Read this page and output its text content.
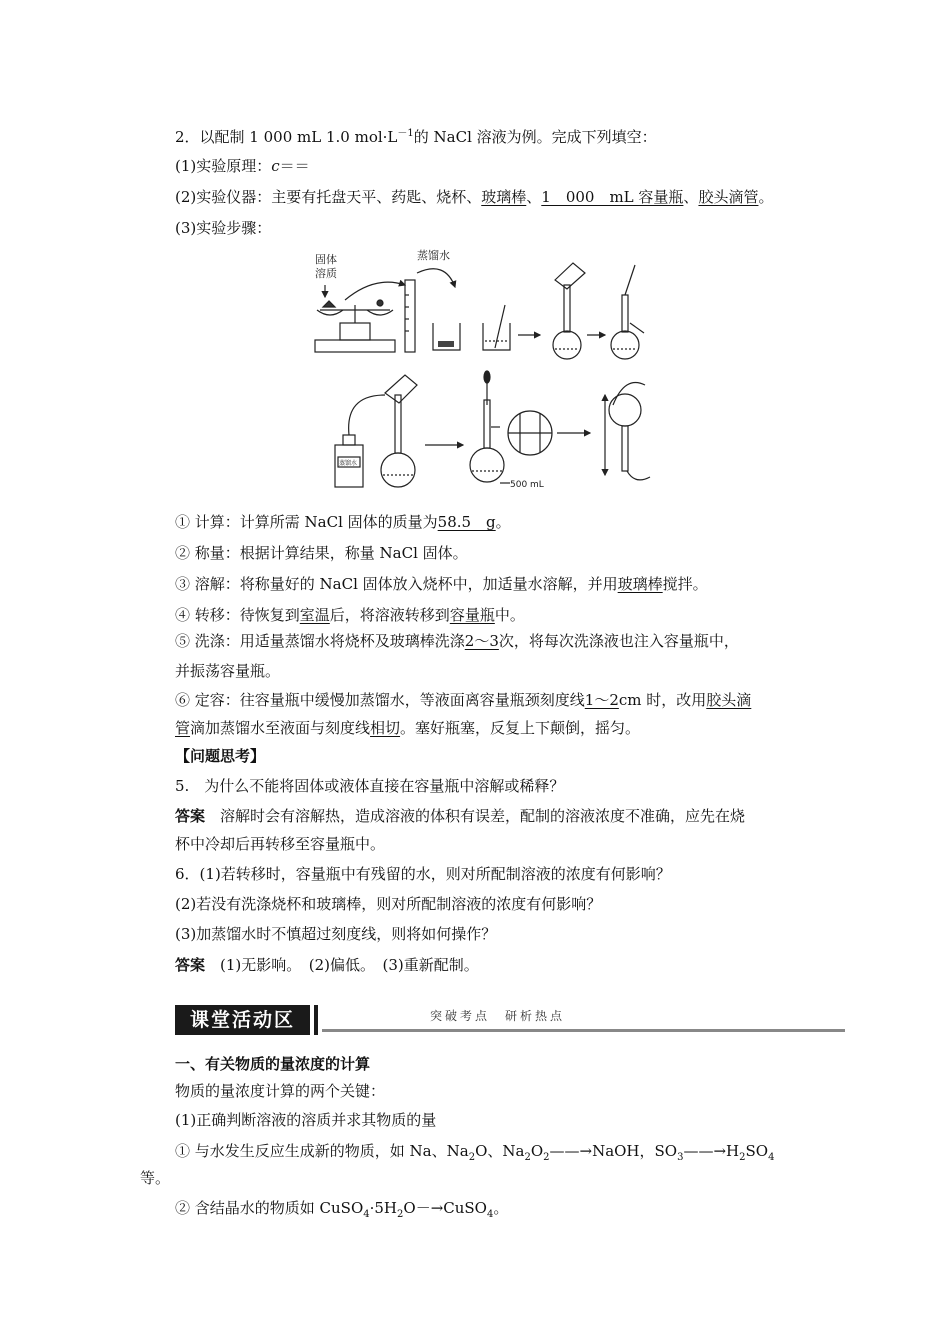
2．以配制 1 000 mL 1.0 $mol\cdot L^{-1}$的 NaCl 溶液为例。完成下列填空：
(1)实验原理：c＝＝
(2)实验仪器：主要有托盘天平、药匙、烧杯、玻璃棒、1　000　mL 容量瓶、胶头滴管。
(3)实验步骤：
固体
溶质
蒸馏水
蒸馏水
500 mL
① 计算：计算所需 NaCl 固体的质量为58.5　g。
② 称量：根据计算结果，称量 NaCl 固体。
③ 溶解：将称量好的 NaCl 固体放入烧杯中，加适量水溶解，并用玻璃棒搅拌。
④ 转移：待恢复到室温后，将溶液转移到容量瓶中。
⑤ 洗涤：用适量蒸馏水将烧杯及玻璃棒洗涤2～3次，将每次洗涤液也注入容量瓶中，
并振荡容量瓶。
⑥ 定容：往容量瓶中缓慢加蒸馏水，等液面离容量瓶颈刻度线1～2cm 时，改用胶头滴
管滴加蒸馏水至液面与刻度线相切。塞好瓶塞，反复上下颠倒，摇匀。
【问题思考】
5.　为什么不能将固体或液体直接在容量瓶中溶解或稀释？
答案　溶解时会有溶解热，造成溶液的体积有误差，配制的溶液浓度不准确，应先在烧
杯中冷却后再转移至容量瓶中。
6．(1)若转移时，容量瓶中有残留的水，则对所配制溶液的浓度有何影响？
(2)若没有洗涤烧杯和玻璃棒，则对所配制溶液的浓度有何影响？
(3)加蒸馏水时不慎超过刻度线，则将如何操作？
答案　(1)无影响。　(2)偏低。　(3)重新配制。
课堂活动区	突破考点　研析热点
一、有关物质的量浓度的计算
物质的量浓度计算的两个关键：
(1)正确判断溶液的溶质并求其物质的量
① 与水发生反应生成新的物质，如 Na、$Na_2O$、$Na_2O_2——\to NaOH$，$SO_3——\to H_2SO_4$
等。
② 含结晶水的物质如 $CuSO_4\cdot 5H_2O-\to CuSO_4$。
